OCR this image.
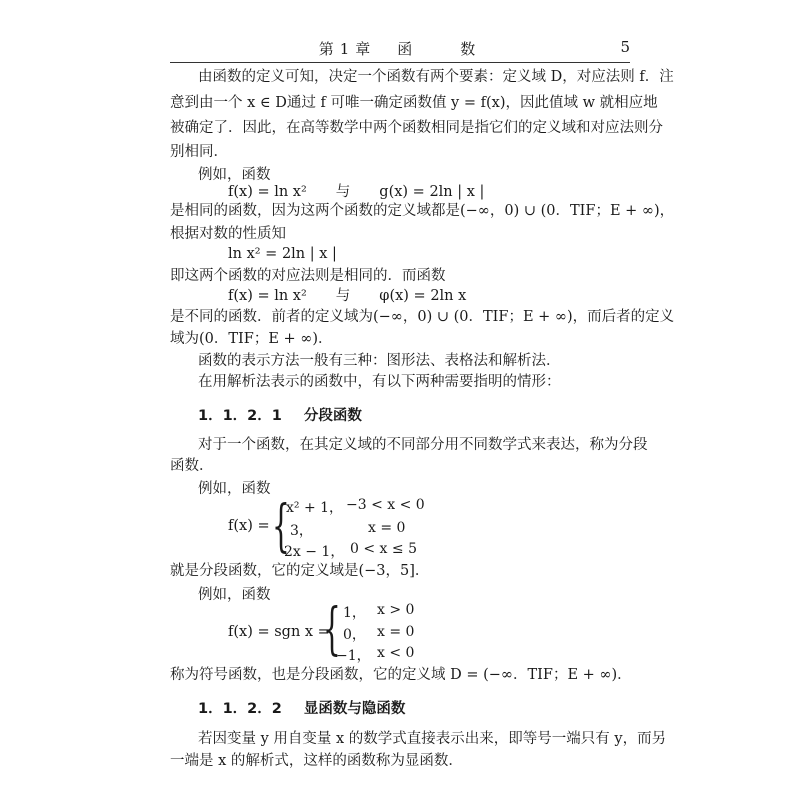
第1章　函　　数	5
由函数的定义可知，决定一个函数有两个要素：定义域 D，对应法则 f．注
意到由一个 x ∈ D通过 f 可唯一确定函数值 y = f(x)，因此值域 w 就相应地
被确定了．因此，在高等数学中两个函数相同是指它们的定义域和对应法则分
别相同．
例如，函数
f(x) = ln x²　　与　　g(x) = 2ln | x |
是相同的函数，因为这两个函数的定义域都是(−∞，0) ∪ (0．TIF；E + ∞)，
根据对数的性质知
ln x² = 2ln | x |
即这两个函数的对应法则是相同的．而函数
f(x) = ln x²　　与　　φ(x) = 2ln x
是不同的函数．前者的定义域为(−∞，0) ∪ (0．TIF；E + ∞)，而后者的定义
域为(0．TIF；E + ∞)．
函数的表示方法一般有三种：图形法、表格法和解析法．
在用解析法表示的函数中，有以下两种需要指明的情形：
1．1．2．1 分段函数
对于一个函数，在其定义域的不同部分用不同数学式来表达，称为分段
函数．
例如，函数
f(x) = {
x² + 1， −3 < x < 0
3，	x = 0
2x − 1， 0 < x ≤ 5
就是分段函数，它的定义域是(−3，5]．
例如，函数
f(x) = sgn x =
{ 1， x > 0
0， x = 0
−1， x < 0
称为符号函数，也是分段函数，它的定义域 D = (−∞．TIF；E + ∞)．
1．1．2．2 显函数与隐函数
若因变量 y 用自变量 x 的数学式直接表示出来，即等号一端只有 y，而另
一端是 x 的解析式，这样的函数称为显函数．
